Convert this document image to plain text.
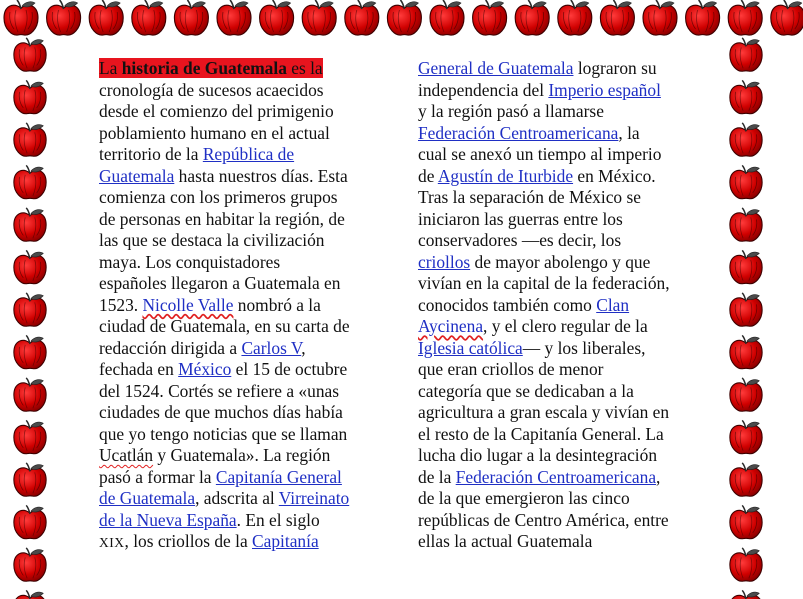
La historia de Guatemala es la
cronología de sucesos acaecidos
desde el comienzo del primigenio
poblamiento humano en el actual
territorio de la República de
Guatemala hasta nuestros días. Esta
comienza con los primeros grupos
de personas en habitar la región, de
las que se destaca la civilización
maya. Los conquistadores
españoles llegaron a Guatemala en
1523. Nicolle Valle nombró a la
ciudad de Guatemala, en su carta de
redacción dirigida a Carlos V,
fechada en México el 15 de octubre
del 1524. Cortés se refiere a «unas
ciudades de que muchos días había
que yo tengo noticias que se llaman
Ucatlán y Guatemala». La región
pasó a formar la Capitanía General
de Guatemala, adscrita al Virreinato
de la Nueva España. En el siglo
XIX, los criollos de la Capitanía
General de Guatemala lograron su
independencia del Imperio español
y la región pasó a llamarse
Federación Centroamericana, la
cual se anexó un tiempo al imperio
de Agustín de Iturbide en México.
Tras la separación de México se
iniciaron las guerras entre los
conservadores —es decir, los
criollos de mayor abolengo y que
vivían en la capital de la federación,
conocidos también como Clan
Aycinena, y el clero regular de la
Iglesia católica— y los liberales,
que eran criollos de menor
categoría que se dedicaban a la
agricultura a gran escala y vivían en
el resto de la Capitanía General. La
lucha dio lugar a la desintegración
de la Federación Centroamericana,
de la que emergieron las cinco
repúblicas de Centro América, entre
ellas la actual Guatemala
